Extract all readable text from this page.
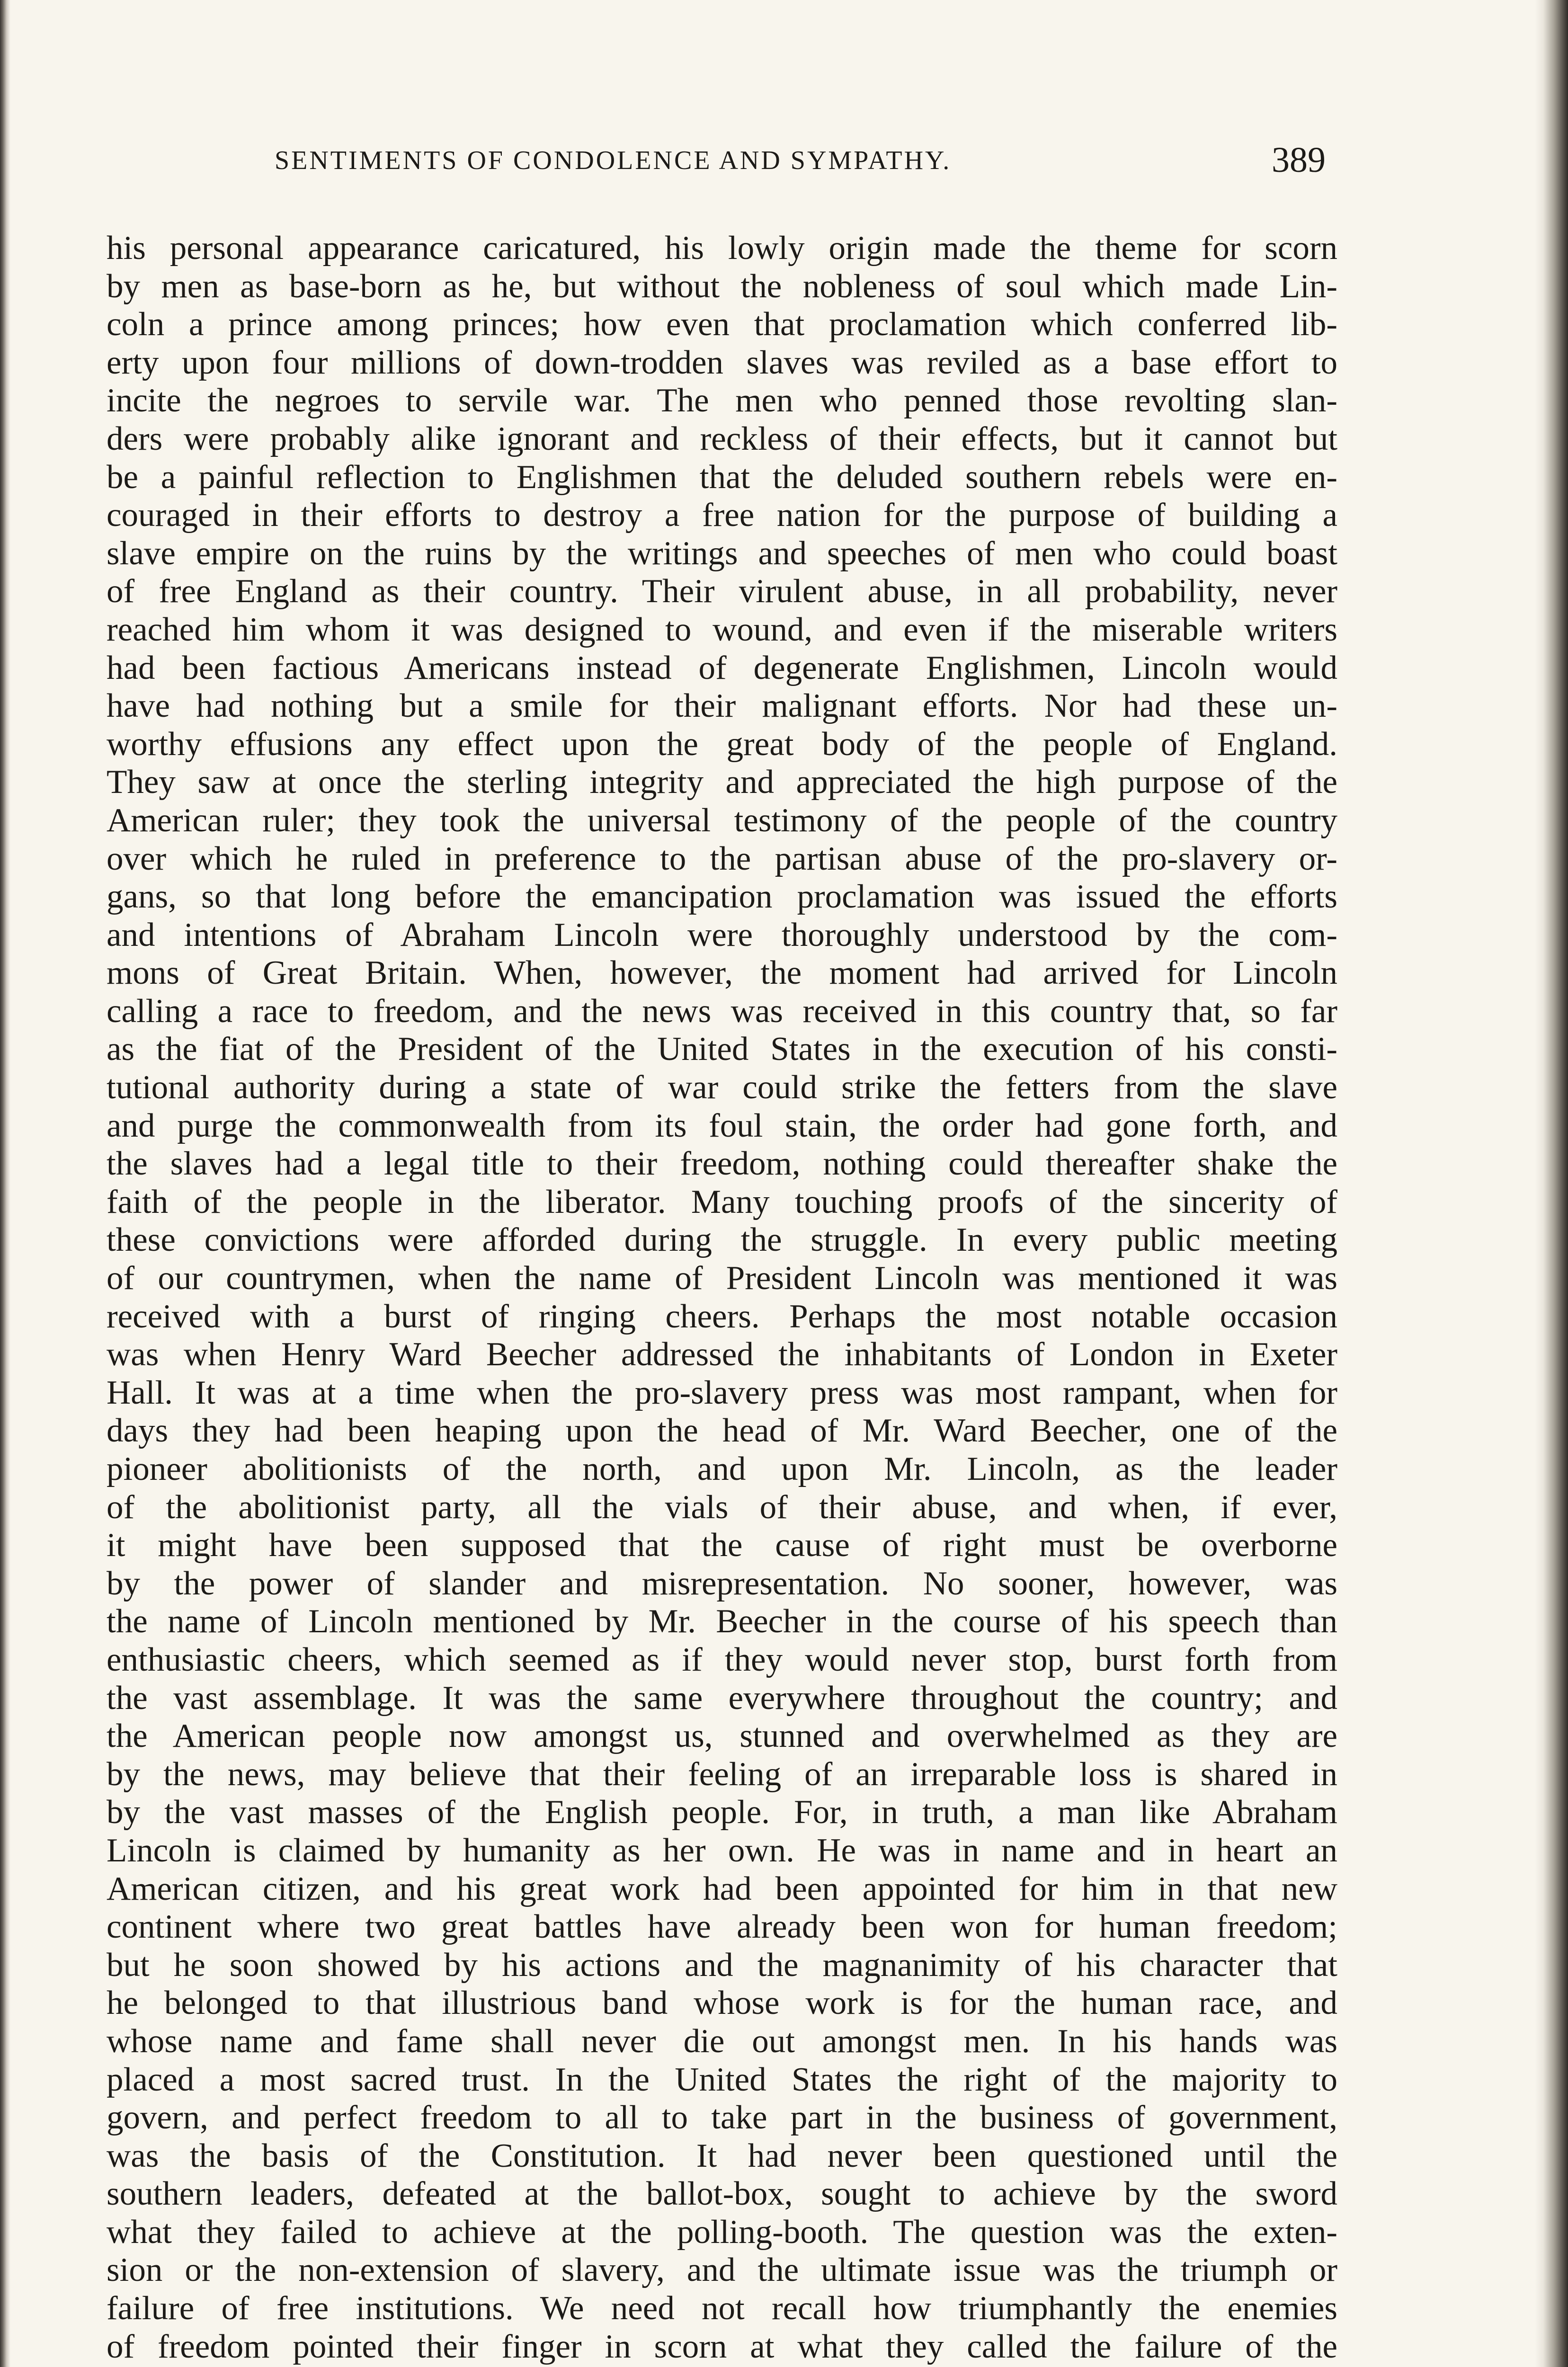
SENTIMENTS OF CONDOLENCE AND SYMPATHY.	389
his personal appearance caricatured, his lowly origin made the theme for scorn
by men as base-born as he, but without the nobleness of soul which made Lin-
coln a prince among princes; how even that proclamation which conferred lib-
erty upon four millions of down-trodden slaves was reviled as a base effort to
incite the negroes to servile war. The men who penned those revolting slan-
ders were probably alike ignorant and reckless of their effects, but it cannot but
be a painful reflection to Englishmen that the deluded southern rebels were en-
couraged in their efforts to destroy a free nation for the purpose of building a
slave empire on the ruins by the writings and speeches of men who could boast
of free England as their country. Their virulent abuse, in all probability, never
reached him whom it was designed to wound, and even if the miserable writers
had been factious Americans instead of degenerate Englishmen, Lincoln would
have had nothing but a smile for their malignant efforts. Nor had these un-
worthy effusions any effect upon the great body of the people of England.
They saw at once the sterling integrity and appreciated the high purpose of the
American ruler; they took the universal testimony of the people of the country
over which he ruled in preference to the partisan abuse of the pro-slavery or-
gans, so that long before the emancipation proclamation was issued the efforts
and intentions of Abraham Lincoln were thoroughly understood by the com-
mons of Great Britain. When, however, the moment had arrived for Lincoln
calling a race to freedom, and the news was received in this country that, so far
as the fiat of the President of the United States in the execution of his consti-
tutional authority during a state of war could strike the fetters from the slave
and purge the commonwealth from its foul stain, the order had gone forth, and
the slaves had a legal title to their freedom, nothing could thereafter shake the
faith of the people in the liberator. Many touching proofs of the sincerity of
these convictions were afforded during the struggle. In every public meeting
of our countrymen, when the name of President Lincoln was mentioned it was
received with a burst of ringing cheers. Perhaps the most notable occasion
was when Henry Ward Beecher addressed the inhabitants of London in Exeter
Hall. It was at a time when the pro-slavery press was most rampant, when for
days they had been heaping upon the head of Mr. Ward Beecher, one of the
pioneer abolitionists of the north, and upon Mr. Lincoln, as the leader
of the abolitionist party, all the vials of their abuse, and when, if ever,
it might have been supposed that the cause of right must be overborne
by the power of slander and misrepresentation. No sooner, however, was
the name of Lincoln mentioned by Mr. Beecher in the course of his speech than
enthusiastic cheers, which seemed as if they would never stop, burst forth from
the vast assemblage. It was the same everywhere throughout the country; and
the American people now amongst us, stunned and overwhelmed as they are
by the news, may believe that their feeling of an irreparable loss is shared in
by the vast masses of the English people. For, in truth, a man like Abraham
Lincoln is claimed by humanity as her own. He was in name and in heart an
American citizen, and his great work had been appointed for him in that new
continent where two great battles have already been won for human freedom;
but he soon showed by his actions and the magnanimity of his character that
he belonged to that illustrious band whose work is for the human race, and
whose name and fame shall never die out amongst men. In his hands was
placed a most sacred trust. In the United States the right of the majority to
govern, and perfect freedom to all to take part in the business of government,
was the basis of the Constitution. It had never been questioned until the
southern leaders, defeated at the ballot-box, sought to achieve by the sword
what they failed to achieve at the polling-booth. The question was the exten-
sion or the non-extension of slavery, and the ultimate issue was the triumph or
failure of free institutions. We need not recall how triumphantly the enemies
of freedom pointed their finger in scorn at what they called the failure of the
